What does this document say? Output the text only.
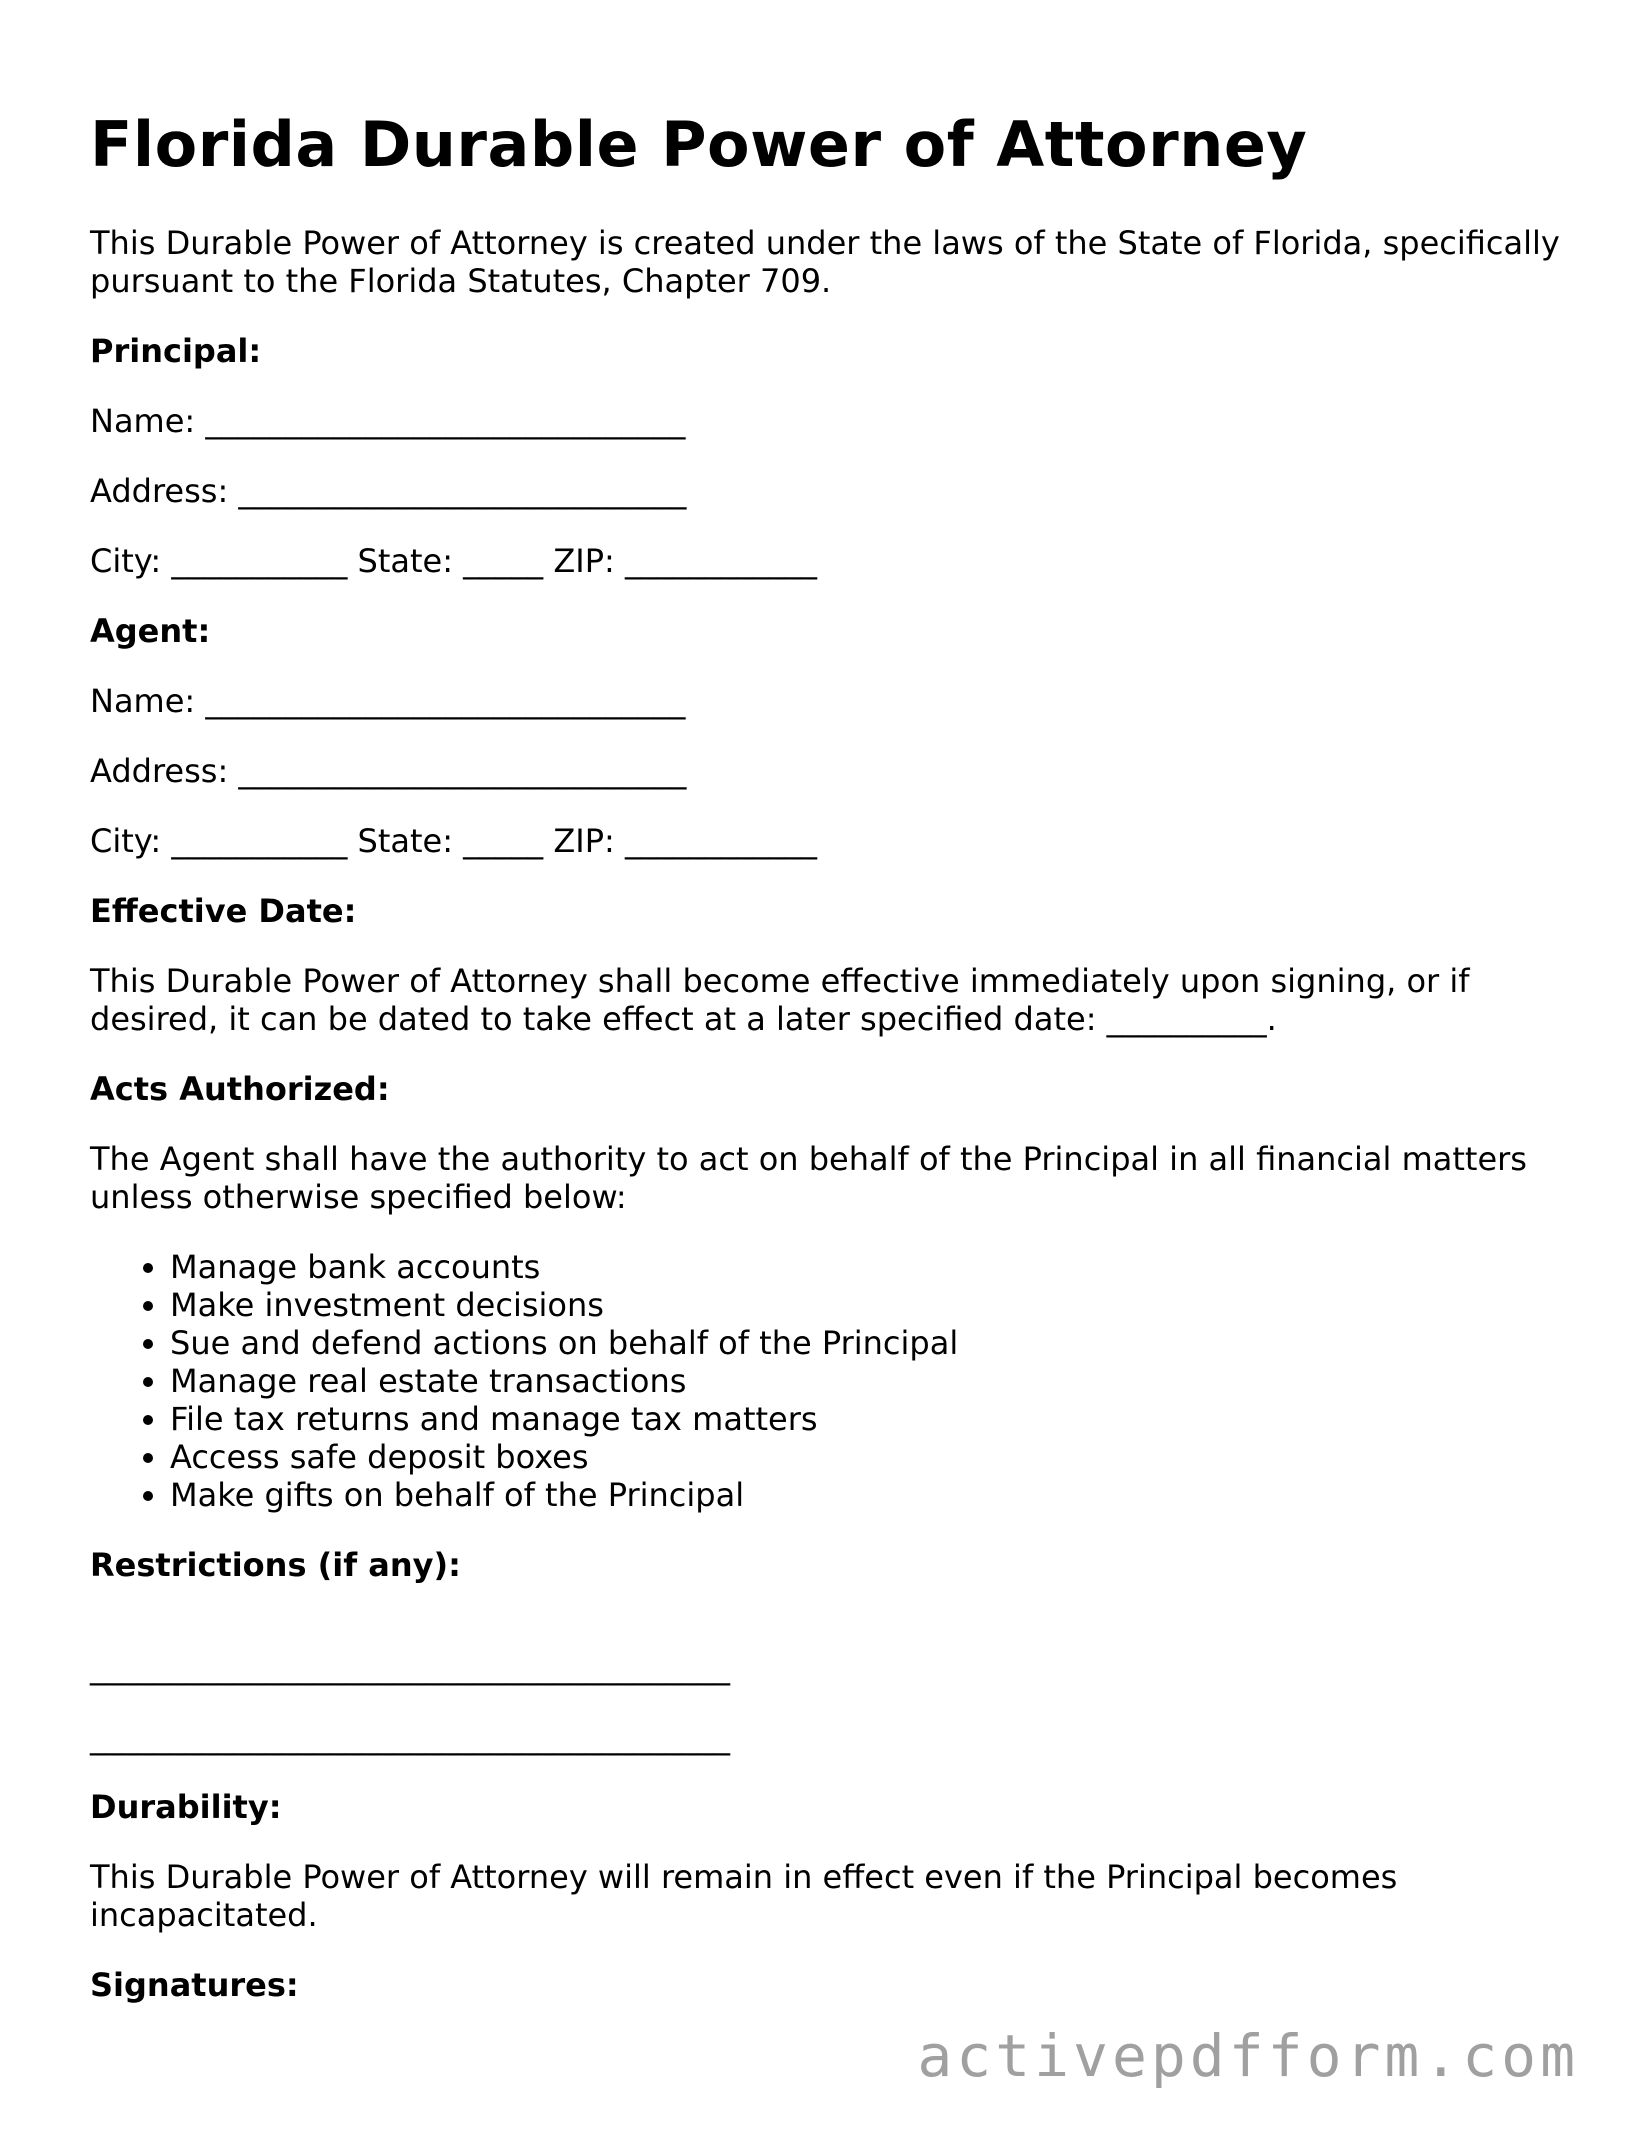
Florida Durable Power of Attorney

This Durable Power of Attorney is created under the laws of the State of Florida, specifically pursuant to the Florida Statutes, Chapter 709.

Principal:
Name: ______________________________
Address: ____________________________
City: ___________ State: _____ ZIP: ____________
Agent:
Name: ______________________________
Address: ____________________________
City: ___________ State: _____ ZIP: ____________
Effective Date:

This Durable Power of Attorney shall become effective immediately upon signing, or if desired, it can be dated to take effect at a later specified date: __________.

Acts Authorized:

The Agent shall have the authority to act on behalf of the Principal in all financial matters unless otherwise specified below:

• Manage bank accounts
• Make investment decisions
• Sue and defend actions on behalf of the Principal
• Manage real estate transactions
• File tax returns and manage tax matters
• Access safe deposit boxes
• Make gifts on behalf of the Principal
Restrictions (if any):
________________________________________
________________________________________
Durability:

This Durable Power of Attorney will remain in effect even if the Principal becomes incapacitated.

Signatures:
activepdfform.com
